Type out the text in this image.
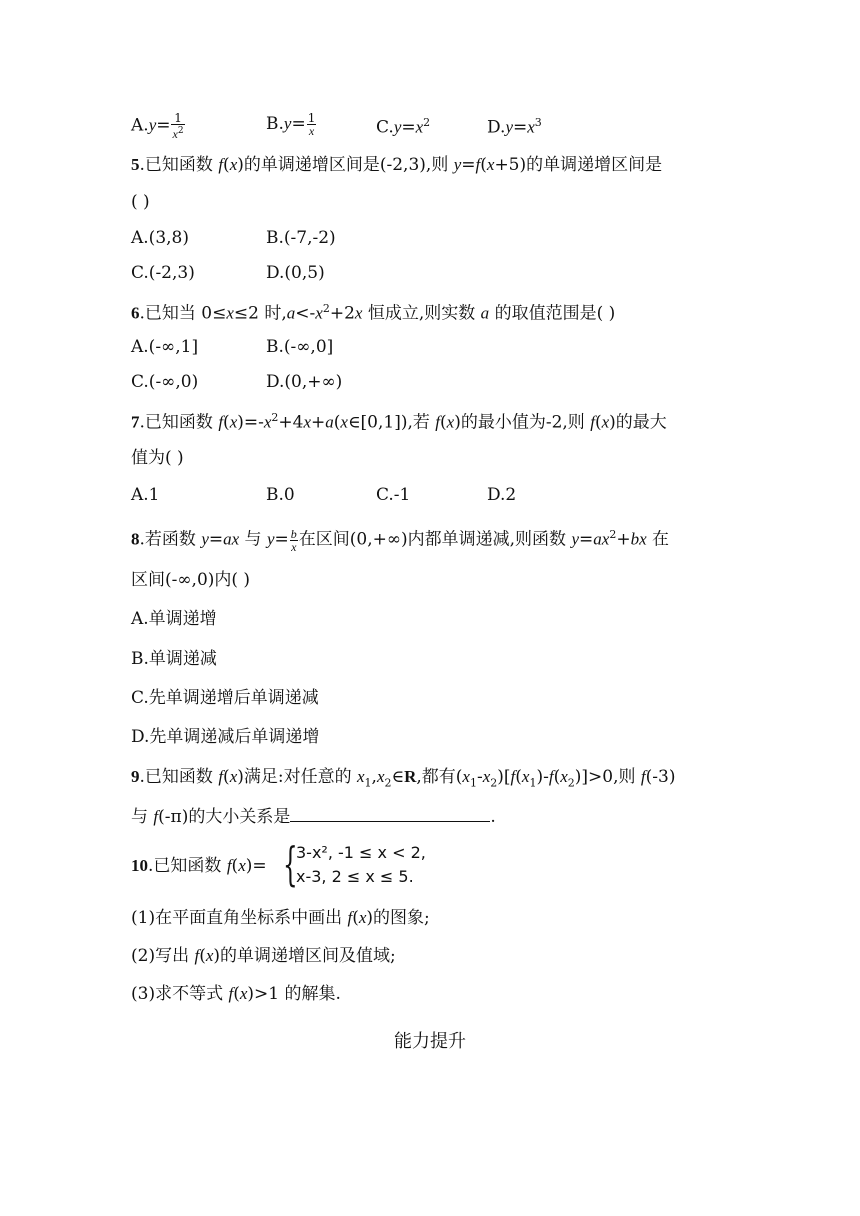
$A.y= \frac{1}{x^2}$	$B.y= \frac{1}{x}$	$C.y=x^2$	$D.y=x^3$
5.已知函数 f(x)的单调递增区间是(-2,3),则 y=f(x+5)的单调递增区间是
( )
A.(3,8)	B.(-7,-2)
C.(-2,3)	D.(0,5)
6.已知当 0≤x≤2 时$,a<-x^2+2x$ 恒成立,则实数 a 的取值范围是( )
A.(-∞,1]	B.(-∞,0]
C.(-∞,0)	D.(0,+∞)
7.已知函数 $f(x)=-x^2+4x+a(x\in[0,1])$,若 f(x)的最小值为-2,则 f(x)的最大
值为( )
A.1	B.0	C.-1	D.2
8.若函数 y=ax 与 $y= \frac{b}{x}$ 在区间(0,+∞)内都单调递减,则函数 $y=ax^2+bx$ 在
区间(-∞,0)内( )
A.单调递增
B.单调递减
C.先单调递增后单调递减
D.先单调递减后单调递增
9.已知函数 f(x)满足:对任意的 $x_1,x_2\in R$,都有$(x_1-x_2)[f(x_1)-f(x_2)]>0$,则 f(-3)
与 f(-π)的大小关系是	.
10.已知函数 f(x)= {
3-x², -1 ≤ x < 2,
x-3, 2 ≤ x ≤ 5.
(1)在平面直角坐标系中画出 f(x)的图象;
(2)写出 f(x)的单调递增区间及值域;
(3)求不等式 f(x)>1 的解集.
能力提升
